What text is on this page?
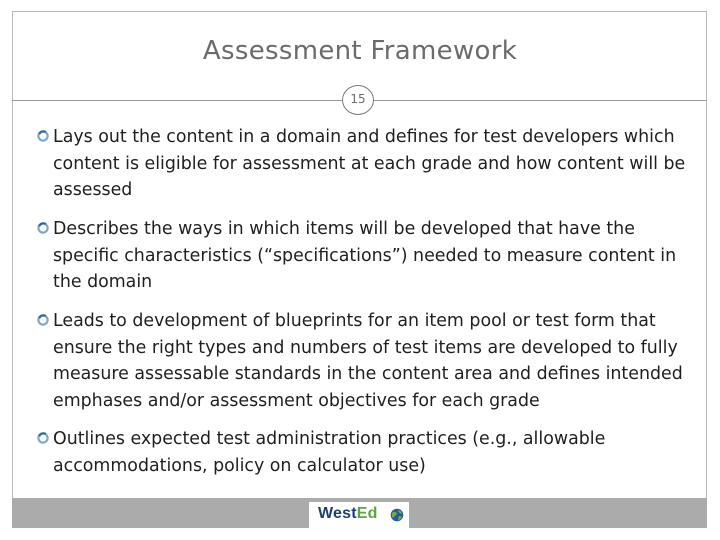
Assessment Framework
15

Lays out the content in a domain and defines for test developers which content is eligible for assessment at each grade and how content will be assessed

Describes the ways in which items will be developed that have the specific characteristics (“specifications”) needed to measure content in the domain

Leads to development of blueprints for an item pool or test form that ensure the right types and numbers of test items are developed to fully measure assessable standards in the content area and defines intended emphases and/or assessment objectives for each grade

Outlines expected test administration practices (e.g., allowable accommodations, policy on calculator use)

WestEd
